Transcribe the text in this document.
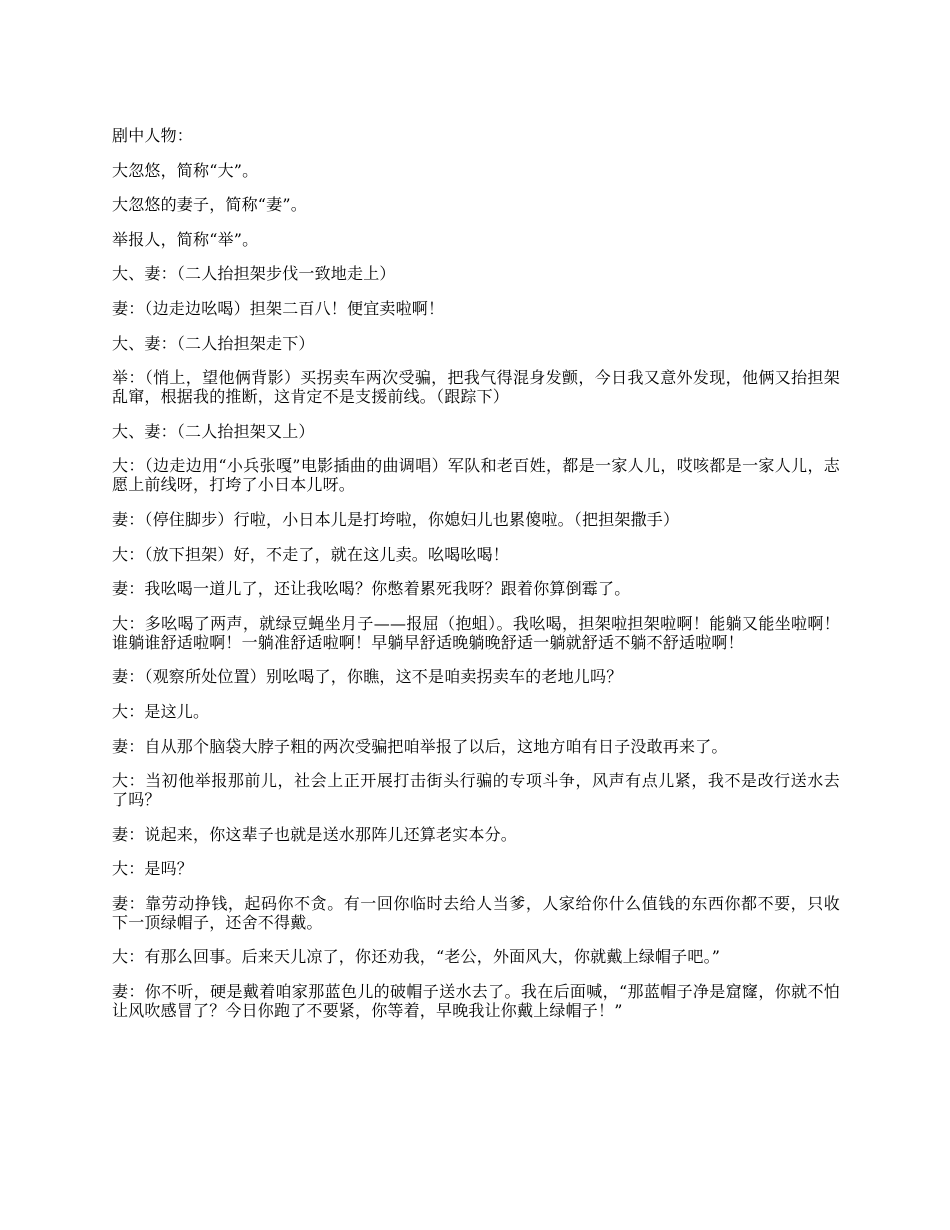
剧中人物：

大忽悠，简称“大”。

大忽悠的妻子，简称“妻”。

举报人，简称“举”。

大、妻：（二人抬担架步伐一致地走上）

妻：（边走边吆喝）担架二百八！便宜卖啦啊！

大、妻：（二人抬担架走下）

举：（悄上，望他俩背影）买拐卖车两次受骗，把我气得混身发颤，今日我又意外发现，他俩又抬担架乱窜，根据我的推断，这肯定不是支援前线。（跟踪下）

大、妻：（二人抬担架又上）

大：（边走边用“小兵张嘎”电影插曲的曲调唱）军队和老百姓，都是一家人儿，哎咳都是一家人儿，志愿上前线呀，打垮了小日本儿呀。

妻：（停住脚步）行啦，小日本儿是打垮啦，你媳妇儿也累傻啦。（把担架撒手）

大：（放下担架）好，不走了，就在这儿卖。吆喝吆喝！

妻：我吆喝一道儿了，还让我吆喝？你憋着累死我呀？跟着你算倒霉了。

大：多吆喝了两声，就绿豆蝇坐月子——报屈（抱蛆）。我吆喝，担架啦担架啦啊！能躺又能坐啦啊！谁躺谁舒适啦啊！一躺准舒适啦啊！早躺早舒适晚躺晚舒适一躺就舒适不躺不舒适啦啊！

妻：（观察所处位置）别吆喝了，你瞧，这不是咱卖拐卖车的老地儿吗？

大：是这儿。

妻：自从那个脑袋大脖子粗的两次受骗把咱举报了以后，这地方咱有日子没敢再来了。

大：当初他举报那前儿，社会上正开展打击街头行骗的专项斗争，风声有点儿紧，我不是改行送水去了吗？

妻：说起来，你这辈子也就是送水那阵儿还算老实本分。

大：是吗？

妻：靠劳动挣钱，起码你不贪。有一回你临时去给人当爹，人家给你什么值钱的东西你都不要，只收下一顶绿帽子，还舍不得戴。

大：有那么回事。后来天儿凉了，你还劝我，“老公，外面风大，你就戴上绿帽子吧。”

妻：你不听，硬是戴着咱家那蓝色儿的破帽子送水去了。我在后面喊，“那蓝帽子净是窟窿，你就不怕让风吹感冒了？今日你跑了不要紧，你等着，早晚我让你戴上绿帽子！”
